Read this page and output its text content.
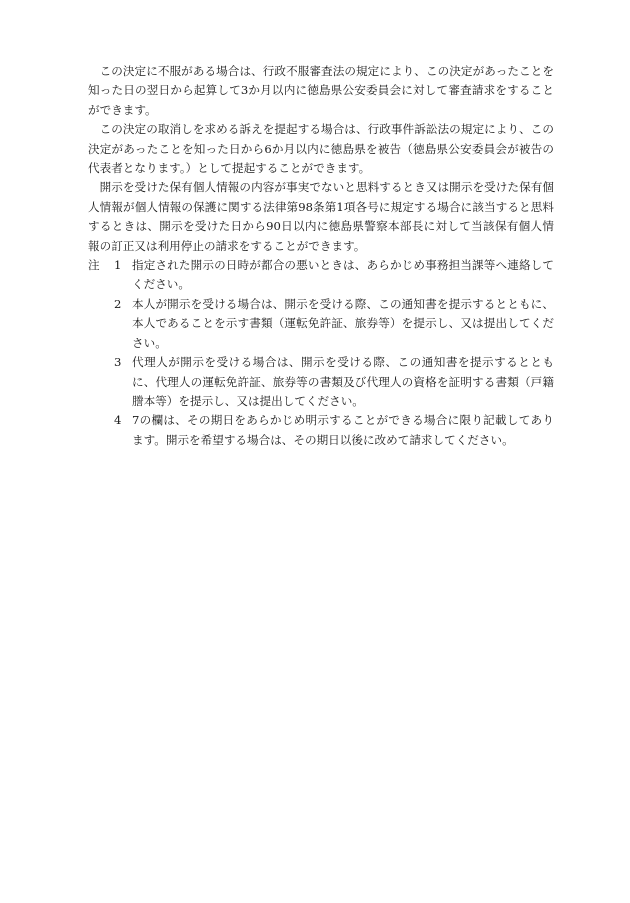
この決定に不服がある場合は、行政不服審査法の規定により、この決定があったことを知った日の翌日から起算して3か月以内に徳島県公安委員会に対して審査請求をすることができます。

この決定の取消しを求める訴えを提起する場合は、行政事件訴訟法の規定により、この決定があったことを知った日から6か月以内に徳島県を被告（徳島県公安委員会が被告の代表者となります。）として提起することができます。

開示を受けた保有個人情報の内容が事実でないと思料するとき又は開示を受けた保有個人情報が個人情報の保護に関する法律第98条第1項各号に規定する場合に該当すると思料するときは、開示を受けた日から90日以内に徳島県警察本部長に対して当該保有個人情報の訂正又は利用停止の請求をすることができます。

注	1 指定された開示の日時が都合の悪いときは、あらかじめ事務担当課等へ連絡してください。
2 本人が開示を受ける場合は、開示を受ける際、この通知書を提示するとともに、本人であることを示す書類（運転免許証、旅券等）を提示し、又は提出してください。
3 代理人が開示を受ける場合は、開示を受ける際、この通知書を提示するとともに、代理人の運転免許証、旅券等の書類及び代理人の資格を証明する書類（戸籍謄本等）を提示し、又は提出してください。
4 7の欄は、その期日をあらかじめ明示することができる場合に限り記載してあります。開示を希望する場合は、その期日以後に改めて請求してください。
